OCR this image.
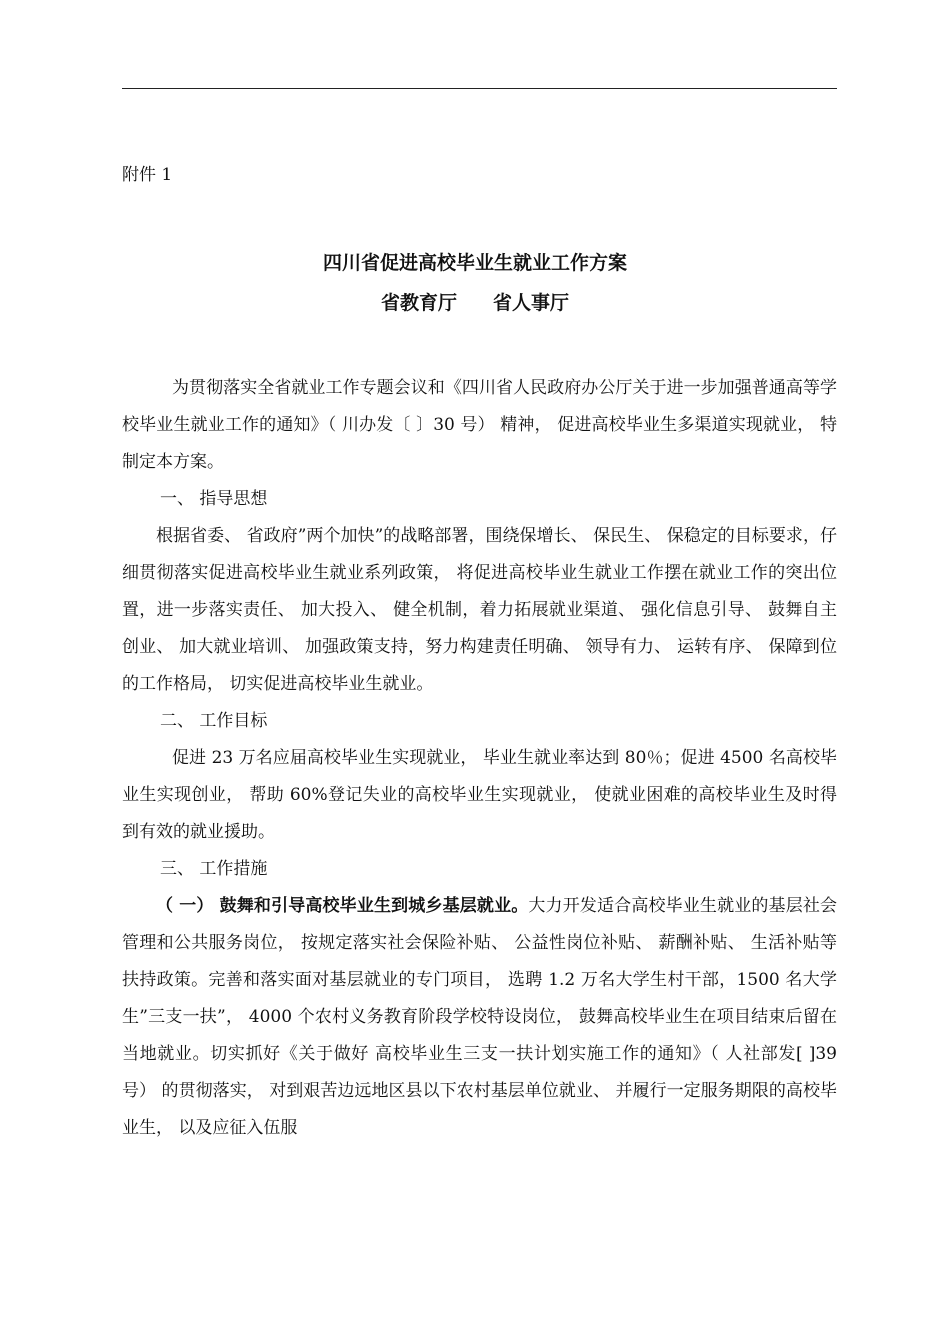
附件 1
四川省促进高校毕业生就业工作方案
省教育厅 省人事厅

为贯彻落实全省就业工作专题会议和《四川省人民政府办公厅关于进一步加强普通高等学校毕业生就业工作的通知》（ 川办发〔 〕30 号） 精神， 促进高校毕业生多渠道实现就业， 特制定本方案。

一、 指导思想

根据省委、 省政府”两个加快”的战略部署，围绕保增长、 保民生、 保稳定的目标要求，仔细贯彻落实促进高校毕业生就业系列政策， 将促进高校毕业生就业工作摆在就业工作的突出位置，进一步落实责任、 加大投入、 健全机制，着力拓展就业渠道、 强化信息引导、 鼓舞自主创业、 加大就业培训、 加强政策支持，努力构建责任明确、 领导有力、 运转有序、 保障到位的工作格局， 切实促进高校毕业生就业。

二、 工作目标

促进 23 万名应届高校毕业生实现就业， 毕业生就业率达到 80％；促进 4500 名高校毕业生实现创业， 帮助 60%登记失业的高校毕业生实现就业， 使就业困难的高校毕业生及时得到有效的就业援助。

三、 工作措施

（ 一） 鼓舞和引导高校毕业生到城乡基层就业。大力开发适合高校毕业生就业的基层社会管理和公共服务岗位， 按规定落实社会保险补贴、 公益性岗位补贴、 薪酬补贴、 生活补贴等扶持政策。完善和落实面对基层就业的专门项目， 选聘 1.2 万名大学生村干部，1500 名大学生”三支一扶”， 4000 个农村义务教育阶段学校特设岗位， 鼓舞高校毕业生在项目结束后留在当地就业。切实抓好《关于做好 高校毕业生三支一扶计划实施工作的通知》（ 人社部发[ ]39 号） 的贯彻落实， 对到艰苦边远地区县以下农村基层单位就业、 并履行一定服务期限的高校毕业生， 以及应征入伍服
